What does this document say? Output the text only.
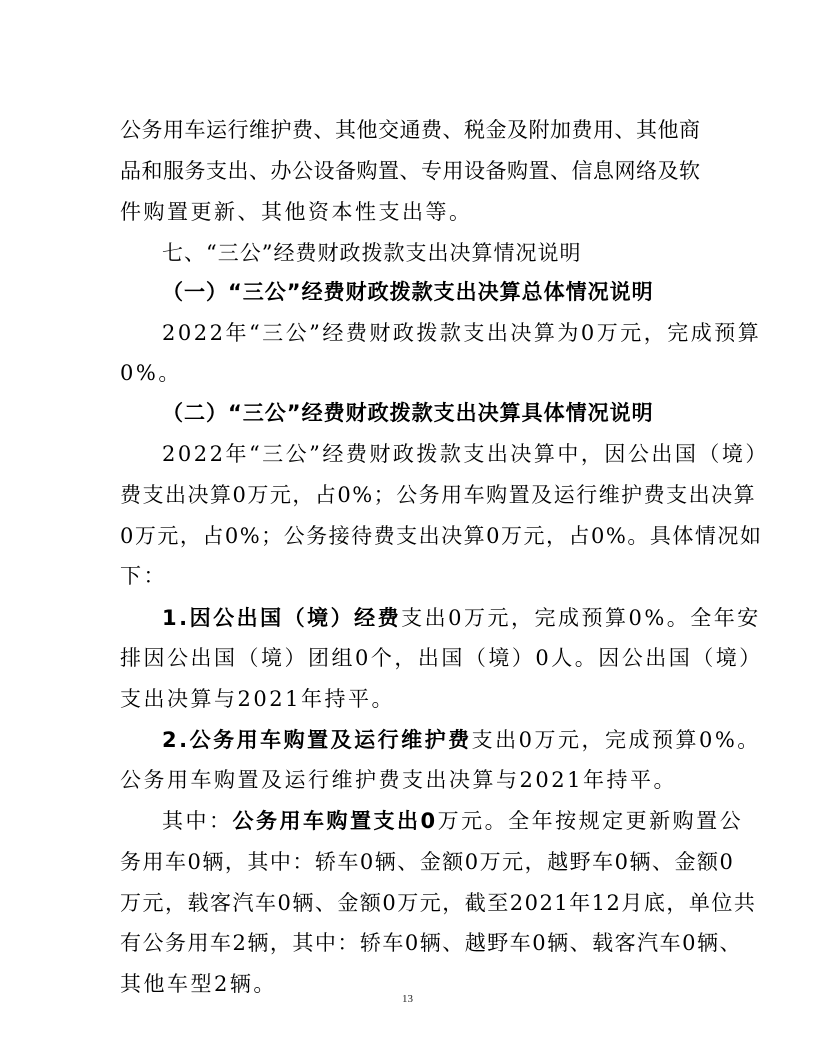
公务用车运行维护费、其他交通费、税金及附加费用、其他商
品和服务支出、办公设备购置、专用设备购置、信息网络及软
件购置更新、其他资本性支出等。
七、“三公”经费财政拨款支出决算情况说明
（一）“三公”经费财政拨款支出决算总体情况说明
2022年“三公”经费财政拨款支出决算为0万元，完成预算
0%。
（二）“三公”经费财政拨款支出决算具体情况说明
2022年“三公”经费财政拨款支出决算中，因公出国（境）
费支出决算0万元，占0%；公务用车购置及运行维护费支出决算
0万元，占0%；公务接待费支出决算0万元，占0%。具体情况如
下：
1.因公出国（境）经费支出0万元，完成预算0%。全年安
排因公出国（境）团组0个，出国（境）0人。因公出国（境）
支出决算与2021年持平。
2.公务用车购置及运行维护费支出0万元，完成预算0%。
公务用车购置及运行维护费支出决算与2021年持平。
其中：公务用车购置支出0万元。全年按规定更新购置公
务用车0辆，其中：轿车0辆、金额0万元，越野车0辆、金额0
万元，载客汽车0辆、金额0万元，截至2021年12月底，单位共
有公务用车2辆，其中：轿车0辆、越野车0辆、载客汽车0辆、
其他车型2辆。
13
